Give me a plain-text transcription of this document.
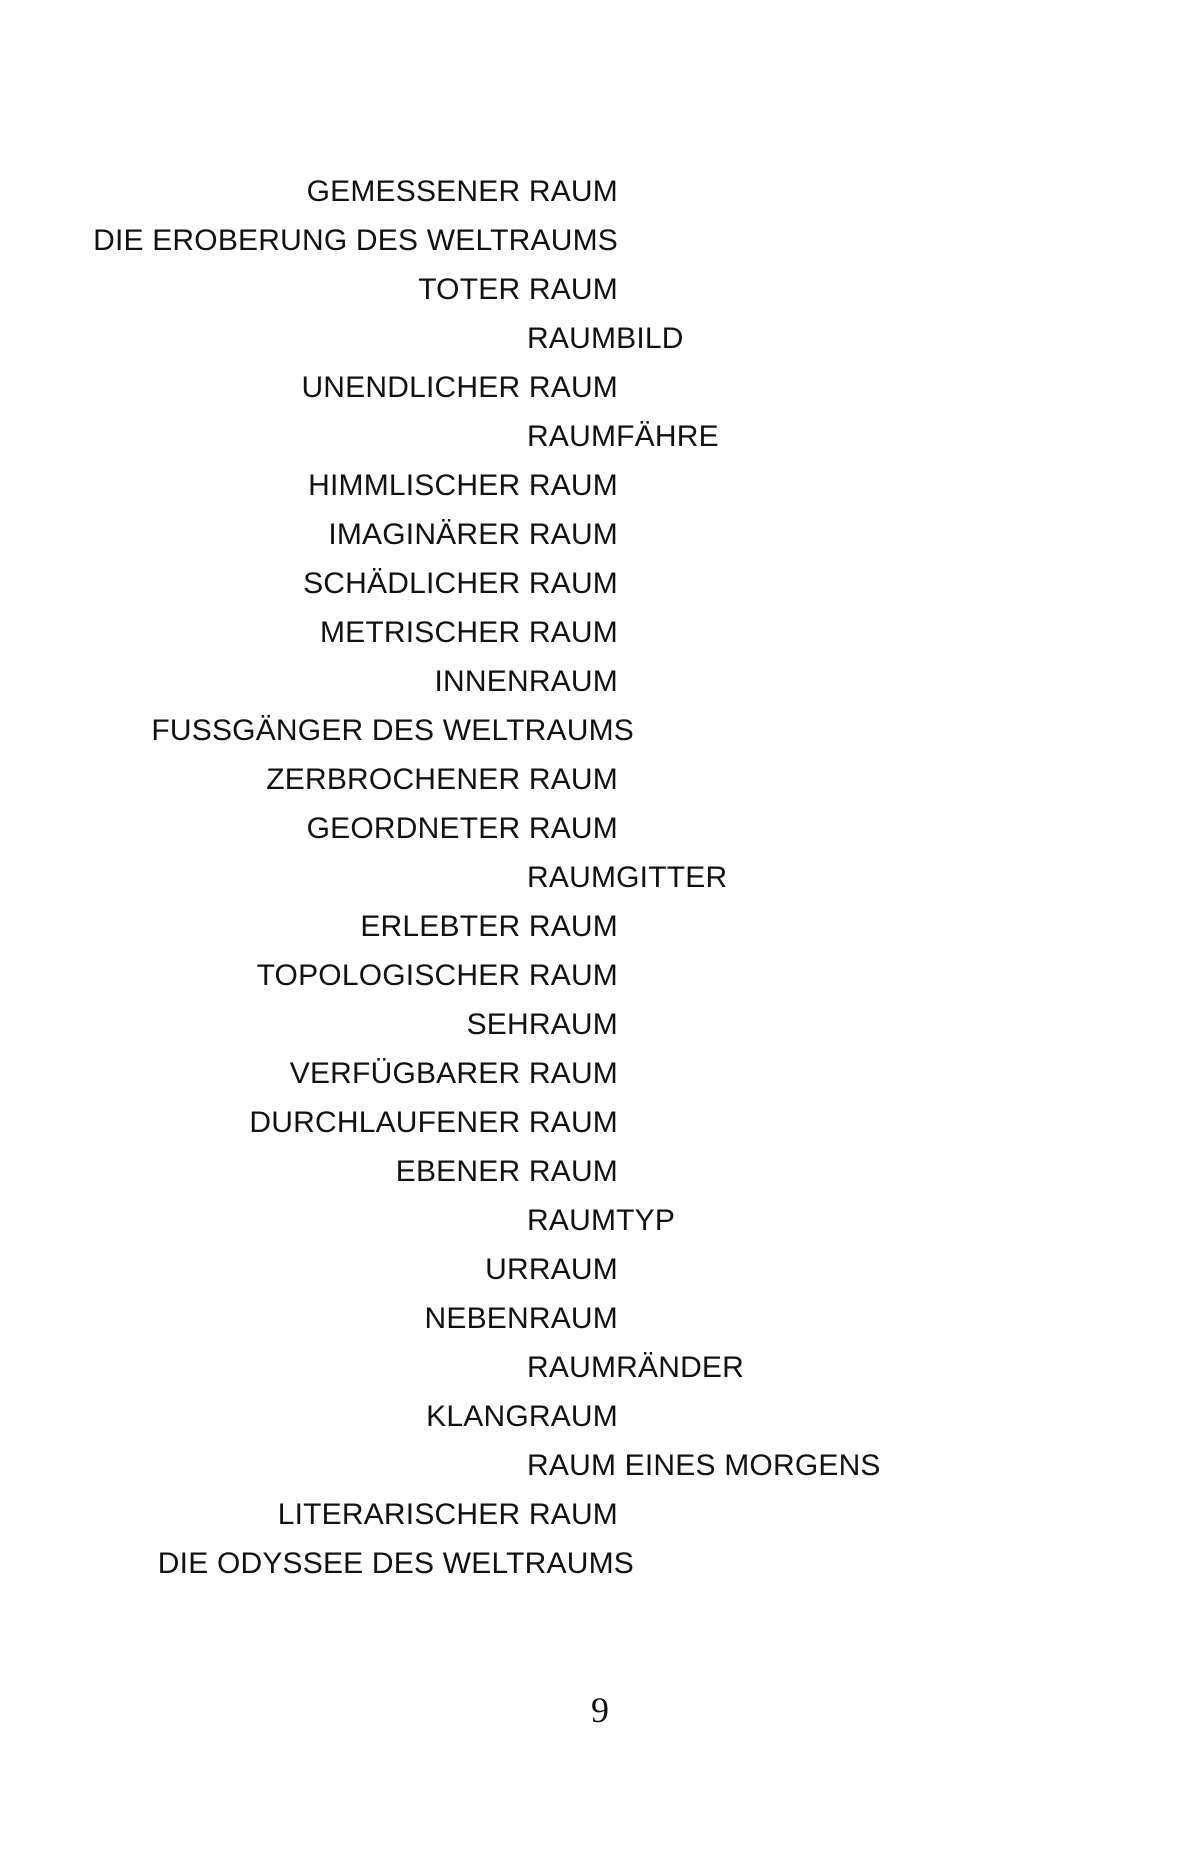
GEMESSENER RAUM
DIE EROBERUNG DES WELTRAUMS
TOTER RAUM
RAUMBILD
UNENDLICHER RAUM
RAUMFÄHRE
HIMMLISCHER RAUM
IMAGINÄRER RAUM
SCHÄDLICHER RAUM
METRISCHER RAUM
INNENRAUM
FUSSGÄNGER DES WELTRAUMS
ZERBROCHENER RAUM
GEORDNETER RAUM
RAUMGITTER
ERLEBTER RAUM
TOPOLOGISCHER RAUM
SEHRAUM
VERFÜGBARER RAUM
DURCHLAUFENER RAUM
EBENER RAUM
RAUMTYP
URRAUM
NEBENRAUM
RAUMRÄNDER
KLANGRAUM
RAUM EINES MORGENS
LITERARISCHER RAUM
DIE ODYSSEE DES WELTRAUMS
9
